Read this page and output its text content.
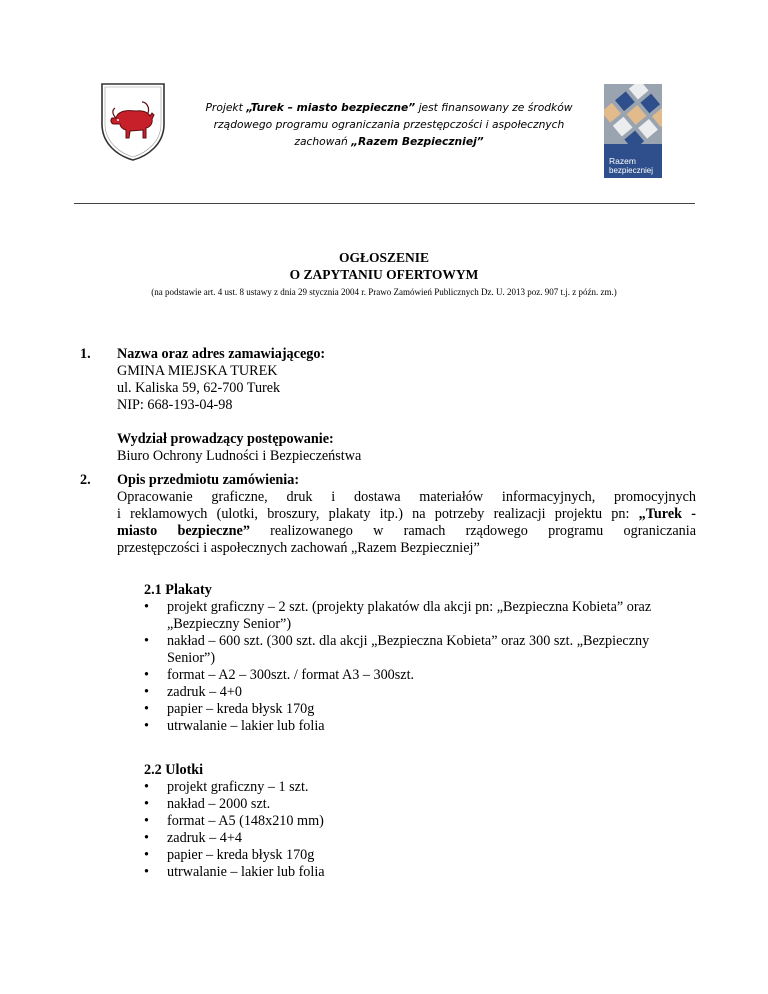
Projekt „Turek – miasto bezpieczne” jest finansowany ze środków rządowego programu ograniczania przestępczości i aspołecznych zachowań „Razem Bezpieczniej”
Razem
bezpieczniej
OGŁOSZENIE
O ZAPYTANIU OFERTOWYM
(na podstawie art. 4 ust. 8 ustawy z dnia 29 stycznia 2004 r. Prawo Zamówień Publicznych Dz. U. 2013 poz. 907 t.j. z późn. zm.)
1. Nazwa oraz adres zamawiającego:
GMINA MIEJSKA TUREK
ul. Kaliska 59, 62-700 Turek
NIP: 668-193-04-98
Wydział prowadzący postępowanie:
Biuro Ochrony Ludności i Bezpieczeństwa
2. Opis przedmiotu zamówienia:
Opracowanie graficzne, druk i dostawa materiałów informacyjnych, promocyjnych
i reklamowych (ulotki, broszury, plakaty itp.) na potrzeby realizacji projektu pn: „Turek -
miasto bezpieczne” realizowanego w ramach rządowego programu ograniczania
przestępczości i aspołecznych zachowań „Razem Bezpieczniej”
2.1 Plakaty
• projekt graficzny – 2 szt. (projekty plakatów dla akcji pn: „Bezpieczna Kobieta” oraz „Bezpieczny Senior”)
• nakład – 600 szt. (300 szt. dla akcji „Bezpieczna Kobieta” oraz 300 szt. „Bezpieczny Senior”)
• format – A2 – 300szt. / format A3 – 300szt.
• zadruk – 4+0
• papier – kreda błysk 170g
• utrwalanie – lakier lub folia
2.2 Ulotki
• projekt graficzny – 1 szt.
• nakład – 2000 szt.
• format – A5 (148x210 mm)
• zadruk – 4+4
• papier – kreda błysk 170g
• utrwalanie – lakier lub folia
